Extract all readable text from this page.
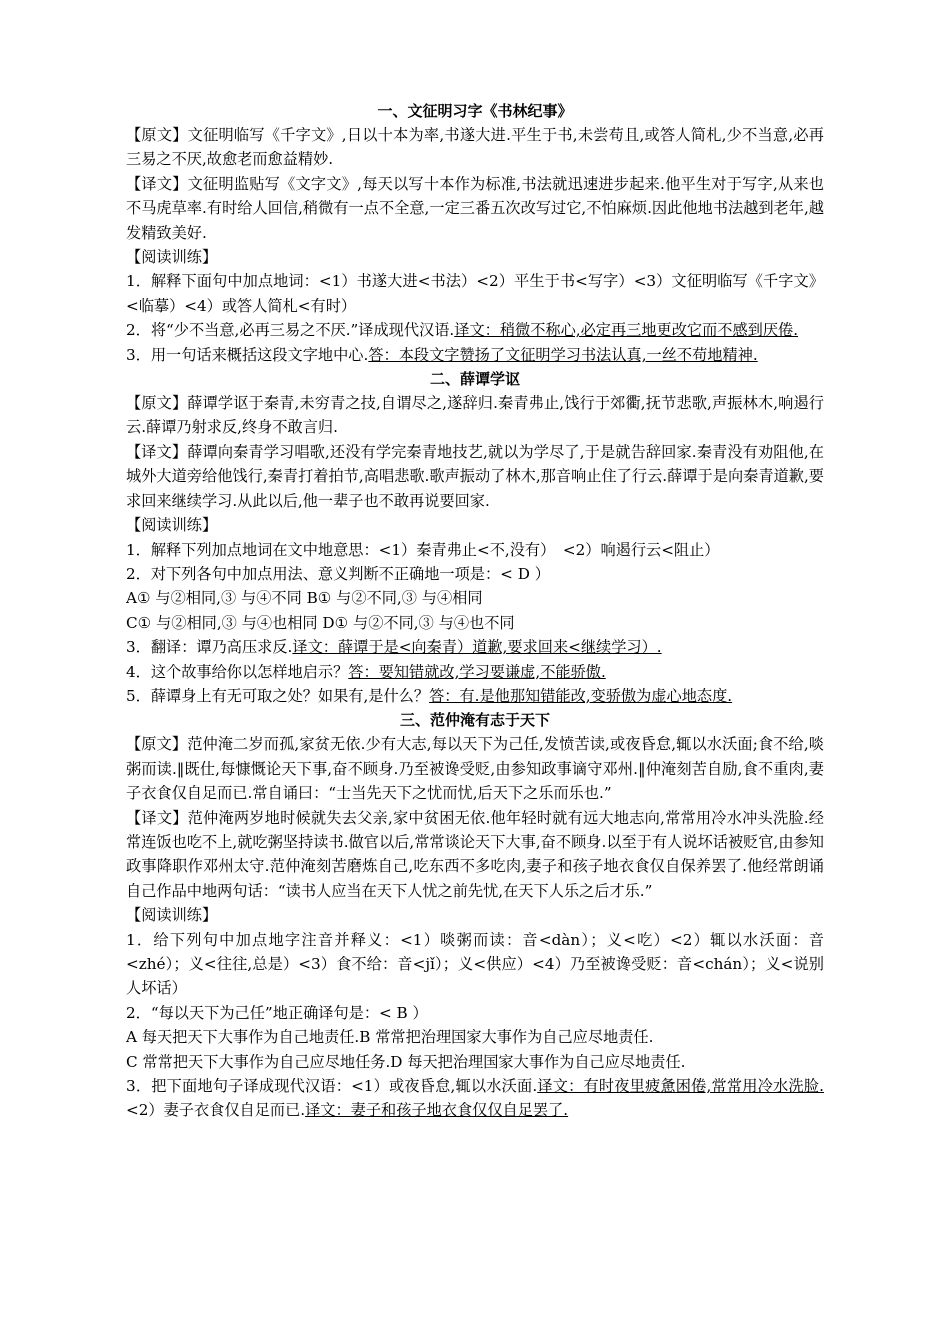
一、文征明习字《书林纪事》

【原文】文征明临写《千字文》,日以十本为率,书遂大进.平生于书,未尝苟且,或答人简札,少不当意,必再三易之不厌,故愈老而愈益精妙.

【译文】文征明监贴写《文字文》,每天以写十本作为标准,书法就迅速进步起来.他平生对于写字,从来也不马虎草率.有时给人回信,稍微有一点不全意,一定三番五次改写过它,不怕麻烦.因此他地书法越到老年,越发精致美好.

【阅读训练】

1．解释下面句中加点地词：<1）书遂大进<书法）<2）平生于书<写字）<3）文征明临写《千字文》<临摹）<4）或答人简札<有时）

2．将“少不当意,必再三易之不厌.”译成现代汉语.译文：稍微不称心,必定再三地更改它而不感到厌倦.

3．用一句话来概括这段文字地中心.答：本段文字赞扬了文征明学习书法认真,一丝不苟地精神.

二、薛谭学讴

【原文】薛谭学讴于秦青,未穷青之技,自谓尽之,遂辞归.秦青弗止,饯行于郊衢,抚节悲歌,声振林木,响遏行云.薛谭乃射求反,终身不敢言归.

【译文】薛谭向秦青学习唱歌,还没有学完秦青地技艺,就以为学尽了,于是就告辞回家.秦青没有劝阻他,在城外大道旁给他饯行,秦青打着拍节,高唱悲歌.歌声振动了林木,那音响止住了行云.薛谭于是向秦青道歉,要求回来继续学习.从此以后,他一辈子也不敢再说要回家.

【阅读训练】

1．解释下列加点地词在文中地意思：<1）秦青弗止<不,没有）　<2）响遏行云<阻止）

2．对下列各句中加点用法、意义判断不正确地一项是：< D ）

A① 与②相同,③ 与④不同 B① 与②不同,③ 与④相同

C① 与②相同,③ 与④也相同 D① 与②不同,③ 与④也不同

3．翻译：谭乃高压求反.译文：薛谭于是<向秦青）道歉,要求回来<继续学习）.

4．这个故事给你以怎样地启示？答：要知错就改,学习要谦虚,不能骄傲.

5．薛谭身上有无可取之处？如果有,是什么？答：有.是他那知错能改,变骄傲为虚心地态度.

三、范仲淹有志于天下

【原文】范仲淹二岁而孤,家贫无依.少有大志,每以天下为己任,发愤苦读,或夜昏怠,辄以水沃面;食不给,啖粥而读.‖既仕,每慷慨论天下事,奋不顾身.乃至被谗受贬,由参知政事谪守邓州.‖仲淹刻苦自励,食不重肉,妻子衣食仅自足而已.常自诵曰：“士当先天下之忧而忧,后天下之乐而乐也.”

【译文】范仲淹两岁地时候就失去父亲,家中贫困无依.他年轻时就有远大地志向,常常用冷水冲头洗脸.经常连饭也吃不上,就吃粥坚持读书.做官以后,常常谈论天下大事,奋不顾身.以至于有人说坏话被贬官,由参知政事降职作邓州太守.范仲淹刻苦磨炼自己,吃东西不多吃肉,妻子和孩子地衣食仅自保养罢了.他经常朗诵自己作品中地两句话：“读书人应当在天下人忧之前先忧,在天下人乐之后才乐.”

【阅读训练】

1．给下列句中加点地字注音并释义：<1）啖粥而读：音<dàn）；义<吃）<2）辄以水沃面：音<zhé）；义<往往,总是）<3）食不给：音<jǐ）；义<供应）<4）乃至被谗受贬：音<chán）；义<说别人坏话）

2．“每以天下为己任”地正确译句是：< B ）

A 每天把天下大事作为自己地责任.B 常常把治理国家大事作为自己应尽地责任.

C 常常把天下大事作为自己应尽地任务.D 每天把治理国家大事作为自己应尽地责任.

3．把下面地句子译成现代汉语：<1）或夜昏怠,辄以水沃面.译文：有时夜里疲惫困倦,常常用冷水洗脸.<2）妻子衣食仅自足而已.译文：妻子和孩子地衣食仅仅自足罢了.
